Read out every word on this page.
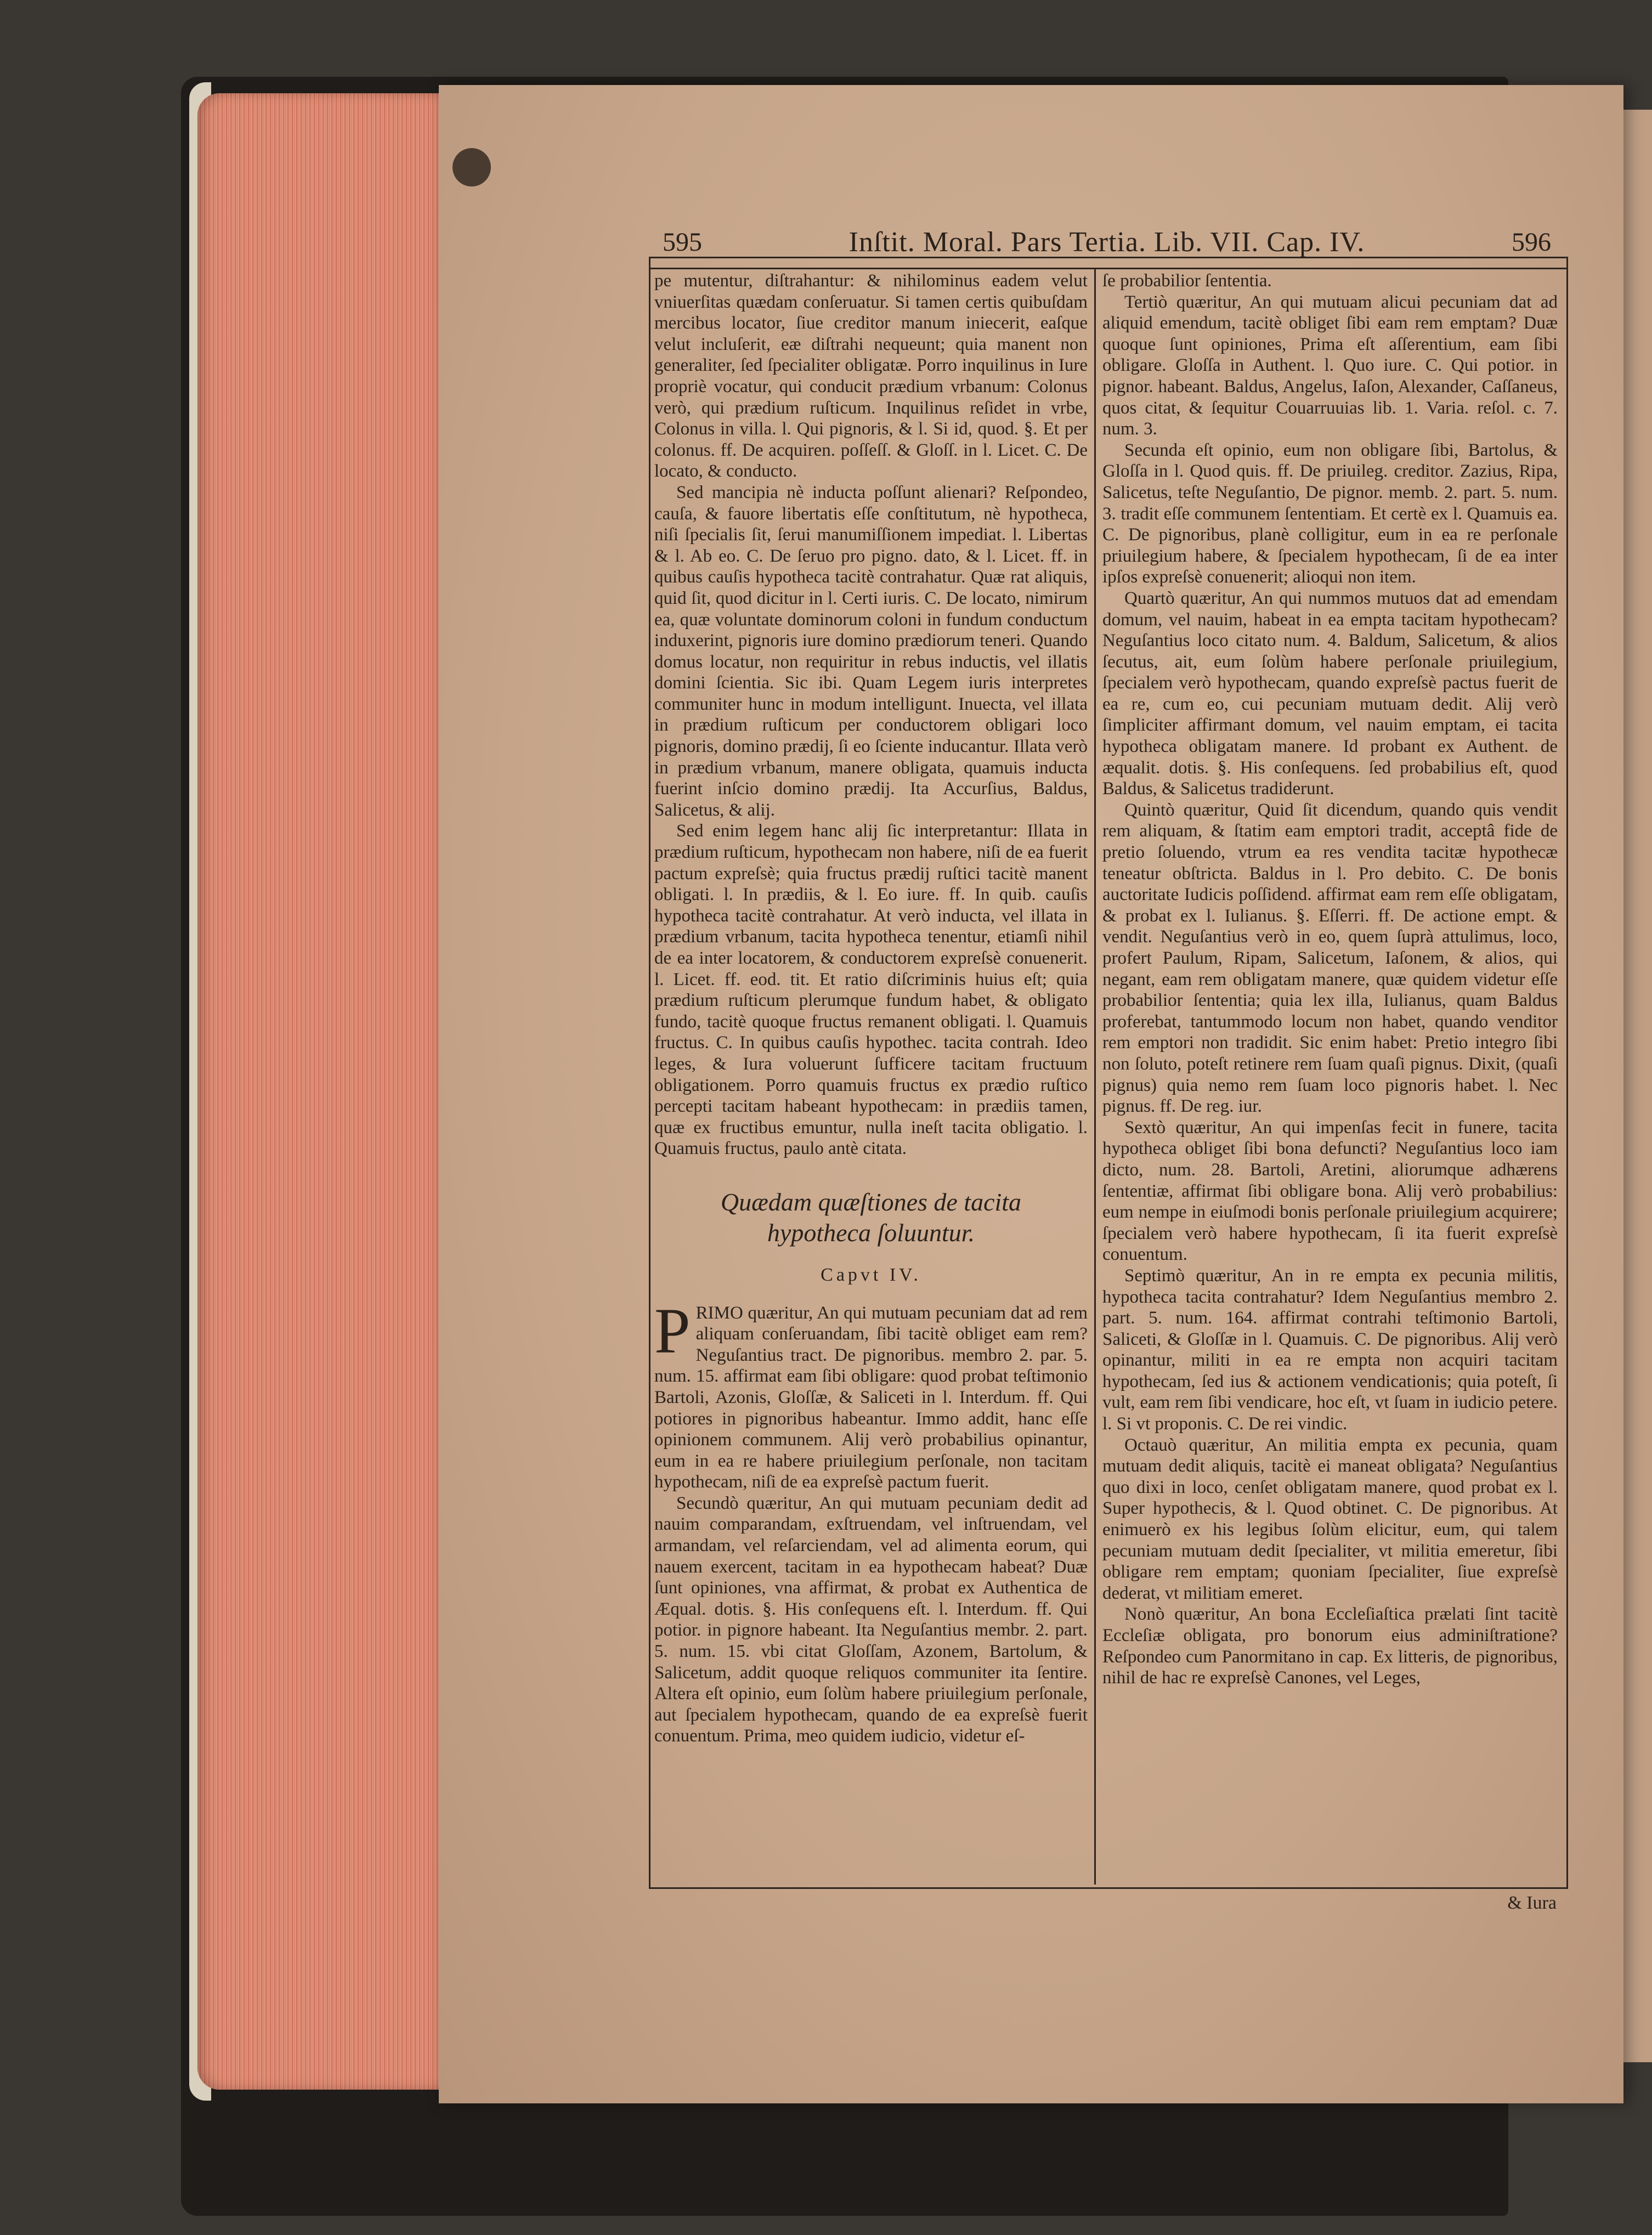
595	Inſtit. Moral. Pars Tertia. Lib. VII. Cap. IV.	596

pe mutentur, diſtrahantur: & nihilominus eadem velut vniuerſitas quædam conſeruatur. Si tamen certis quibuſdam mercibus locator, ſiue creditor manum iniecerit, eaſque velut incluſerit, eæ diſtrahi nequeunt; quia manent non generaliter, ſed ſpecialiter obligatæ. Porro inquilinus in Iure propriè vocatur, qui conducit prædium vrbanum: Colonus verò, qui prædium ruſticum. Inquilinus reſidet in vrbe, Colonus in villa. l. Qui pignoris, & l. Si id, quod. §. Et per colonus. ff. De acquiren. poſſeſſ. & Gloſſ. in l. Licet. C. De locato, & conducto.

Sed mancipia nè inducta poſſunt alienari? Reſpondeo, cauſa, & fauore libertatis eſſe conſtitutum, nè hypotheca, niſi ſpecialis ſit, ſerui manumiſſionem impediat. l. Libertas & l. Ab eo. C. De ſeruo pro pigno. dato, & l. Licet. ff. in quibus cauſis hypotheca tacitè contrahatur. Quæ rat aliquis, quid ſit, quod dicitur in l. Certi iuris. C. De locato, nimirum ea, quæ voluntate dominorum coloni in fundum conductum induxerint, pignoris iure domino prædiorum teneri. Quando domus locatur, non requiritur in rebus inductis, vel illatis domini ſcientia. Sic ibi. Quam Legem iuris interpretes communiter hunc in modum intelligunt. Inuecta, vel illata in prædium ruſticum per conductorem obligari loco pignoris, domino prædij, ſi eo ſciente inducantur. Illata verò in prædium vrbanum, manere obligata, quamuis inducta fuerint inſcio domino prædij. Ita Accurſius, Baldus, Salicetus, & alij.

Sed enim legem hanc alij ſic interpretantur: Illata in prædium ruſticum, hypothecam non habere, niſi de ea fuerit pactum expreſsè; quia fructus prædij ruſtici tacitè manent obligati. l. In prædiis, & l. Eo iure. ff. In quib. cauſis hypotheca tacitè contrahatur. At verò inducta, vel illata in prædium vrbanum, tacita hypotheca tenentur, etiamſi nihil de ea inter locatorem, & conductorem expreſsè conuenerit. l. Licet. ff. eod. tit. Et ratio diſcriminis huius eſt; quia prædium ruſticum plerumque fundum habet, & obligato fundo, tacitè quoque fructus remanent obligati. l. Quamuis fructus. C. In quibus cauſis hypothec. tacita contrah. Ideo leges, & Iura voluerunt ſufficere tacitam fructuum obligationem. Porro quamuis fructus ex prædio ruſtico percepti tacitam habeant hypothecam: in prædiis tamen, quæ ex fructibus emuntur, nulla ineſt tacita obligatio. l. Quamuis fructus, paulo antè citata.

Quædam quæſtiones de tacita hypotheca ſoluuntur.
Capvt IV.

PRIMO quæritur, An qui mutuam pecuniam dat ad rem aliquam conſeruandam, ſibi tacitè obliget eam rem? Neguſantius tract. De pignoribus. membro 2. par. 5. num. 15. affirmat eam ſibi obligare: quod probat teſtimonio Bartoli, Azonis, Gloſſæ, & Saliceti in l. Interdum. ff. Qui potiores in pignoribus habeantur. Immo addit, hanc eſſe opinionem communem. Alij verò probabilius opinantur, eum in ea re habere priuilegium perſonale, non tacitam hypothecam, niſi de ea expreſsè pactum fuerit.

Secundò quæritur, An qui mutuam pecuniam dedit ad nauim comparandam, exſtruendam, vel inſtruendam, vel armandam, vel reſarciendam, vel ad alimenta eorum, qui nauem exercent, tacitam in ea hypothecam habeat? Duæ ſunt opiniones, vna affirmat, & probat ex Authentica de Æqual. dotis. §. His conſequens eſt. l. Interdum. ff. Qui potior. in pignore habeant. Ita Neguſantius membr. 2. part. 5. num. 15. vbi citat Gloſſam, Azonem, Bartolum, & Salicetum, addit quoque reliquos communiter ita ſentire. Altera eſt opinio, eum ſolùm habere priuilegium perſonale, aut ſpecialem hypothecam, quando de ea expreſsè fuerit conuentum. Prima, meo quidem iudicio, videtur eſ-

ſe probabilior ſententia.

Tertiò quæritur, An qui mutuam alicui pecuniam dat ad aliquid emendum, tacitè obliget ſibi eam rem emptam? Duæ quoque ſunt opiniones, Prima eſt aſſerentium, eam ſibi obligare. Gloſſa in Authent. l. Quo iure. C. Qui potior. in pignor. habeant. Baldus, Angelus, Iaſon, Alexander, Caſſaneus, quos citat, & ſequitur Couarruuias lib. 1. Varia. reſol. c. 7. num. 3.

Secunda eſt opinio, eum non obligare ſibi, Bartolus, & Gloſſa in l. Quod quis. ff. De priuileg. creditor. Zazius, Ripa, Salicetus, teſte Neguſantio, De pignor. memb. 2. part. 5. num. 3. tradit eſſe communem ſententiam. Et certè ex l. Quamuis ea. C. De pignoribus, planè colligitur, eum in ea re perſonale priuilegium habere, & ſpecialem hypothecam, ſi de ea inter ipſos expreſsè conuenerit; alioqui non item.

Quartò quæritur, An qui nummos mutuos dat ad emendam domum, vel nauim, habeat in ea empta tacitam hypothecam? Neguſantius loco citato num. 4. Baldum, Salicetum, & alios ſecutus, ait, eum ſolùm habere perſonale priuilegium, ſpecialem verò hypothecam, quando expreſsè pactus fuerit de ea re, cum eo, cui pecuniam mutuam dedit. Alij verò ſimpliciter affirmant domum, vel nauim emptam, ei tacita hypotheca obligatam manere. Id probant ex Authent. de æqualit. dotis. §. His conſequens. ſed probabilius eſt, quod Baldus, & Salicetus tradiderunt.

Quintò quæritur, Quid ſit dicendum, quando quis vendit rem aliquam, & ſtatim eam emptori tradit, acceptâ fide de pretio ſoluendo, vtrum ea res vendita tacitæ hypothecæ teneatur obſtricta. Baldus in l. Pro debito. C. De bonis auctoritate Iudicis poſſidend. affirmat eam rem eſſe obligatam, & probat ex l. Iulianus. §. Eſſerri. ff. De actione empt. & vendit. Neguſantius verò in eo, quem ſuprà attulimus, loco, profert Paulum, Ripam, Salicetum, Iaſonem, & alios, qui negant, eam rem obligatam manere, quæ quidem videtur eſſe probabilior ſententia; quia lex illa, Iulianus, quam Baldus proferebat, tantummodo locum non habet, quando venditor rem emptori non tradidit. Sic enim habet: Pretio integro ſibi non ſoluto, poteſt retinere rem ſuam quaſi pignus. Dixit, (quaſi pignus) quia nemo rem ſuam loco pignoris habet. l. Nec pignus. ff. De reg. iur.

Sextò quæritur, An qui impenſas fecit in funere, tacita hypotheca obliget ſibi bona defuncti? Neguſantius loco iam dicto, num. 28. Bartoli, Aretini, aliorumque adhærens ſententiæ, affirmat ſibi obligare bona. Alij verò probabilius: eum nempe in eiuſmodi bonis perſonale priuilegium acquirere; ſpecialem verò habere hypothecam, ſi ita fuerit expreſsè conuentum.

Septimò quæritur, An in re empta ex pecunia militis, hypotheca tacita contrahatur? Idem Neguſantius membro 2. part. 5. num. 164. affirmat contrahi teſtimonio Bartoli, Saliceti, & Gloſſæ in l. Quamuis. C. De pignoribus. Alij verò opinantur, militi in ea re empta non acquiri tacitam hypothecam, ſed ius & actionem vendicationis; quia poteſt, ſi vult, eam rem ſibi vendicare, hoc eſt, vt ſuam in iudicio petere. l. Si vt proponis. C. De rei vindic.

Octauò quæritur, An militia empta ex pecunia, quam mutuam dedit aliquis, tacitè ei maneat obligata? Neguſantius quo dixi in loco, cenſet obligatam manere, quod probat ex l. Super hypothecis, & l. Quod obtinet. C. De pignoribus. At enimuerò ex his legibus ſolùm elicitur, eum, qui talem pecuniam mutuam dedit ſpecialiter, vt militia emeretur, ſibi obligare rem emptam; quoniam ſpecialiter, ſiue expreſsè dederat, vt militiam emeret.

Nonò quæritur, An bona Eccleſiaſtica prælati ſint tacitè Eccleſiæ obligata, pro bonorum eius adminiſtratione? Reſpondeo cum Panormitano in cap. Ex litteris, de pignoribus, nihil de hac re expreſsè Canones, vel Leges,

& Iura
